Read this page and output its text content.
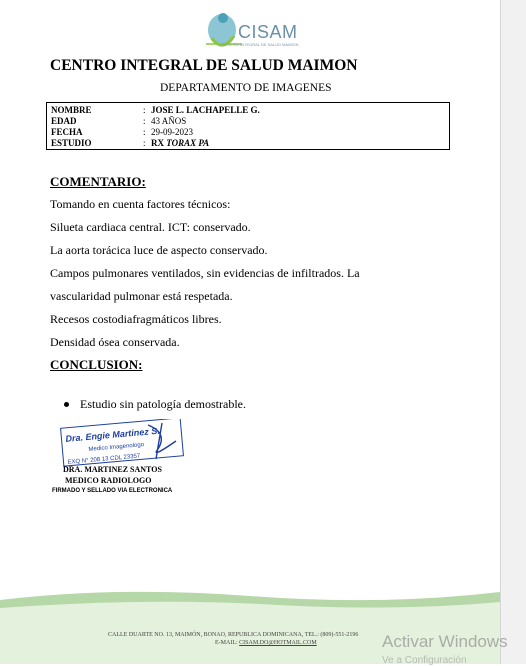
CISAM
CENTRO INTEGRAL DE SALUD MAIMON
CENTRO INTEGRAL DE SALUD MAIMON
DEPARTAMENTO DE IMAGENES
NOMBRE	: JOSE L. LACHAPELLE G.
EDAD	: 43 AÑOS
FECHA	: 29-09-2023
ESTUDIO	: RX TORAX PA
COMENTARIO:
Tomando en cuenta factores técnicos:
Silueta cardiaca central. ICT: conservado.
La aorta torácica luce de aspecto conservado.
Campos pulmonares ventilados, sin evidencias de infiltrados. La
vascularidad pulmonar está respetada.
Recesos costodiafragmáticos libres.
Densidad ósea conservada.
CONCLUSION:
Estudio sin patología demostrable.
Dra. Engie Martinez S.
Medico Imagenologo
EXQ N° 208 13 CDL 23357
DRA. MARTINEZ SANTOS
MEDICO RADIOLOGO
FIRMADO Y SELLADO VIA ELECTRONICA
CALLE DUARTE NO. 13, MAIMÓN, BONAO, REPUBLICA DOMINICANA, TEL.: (809)-551-2196
E-MAIL: CISAM.DO@HOTMAIL.COM	Activar Windows
Ve a Configuración
